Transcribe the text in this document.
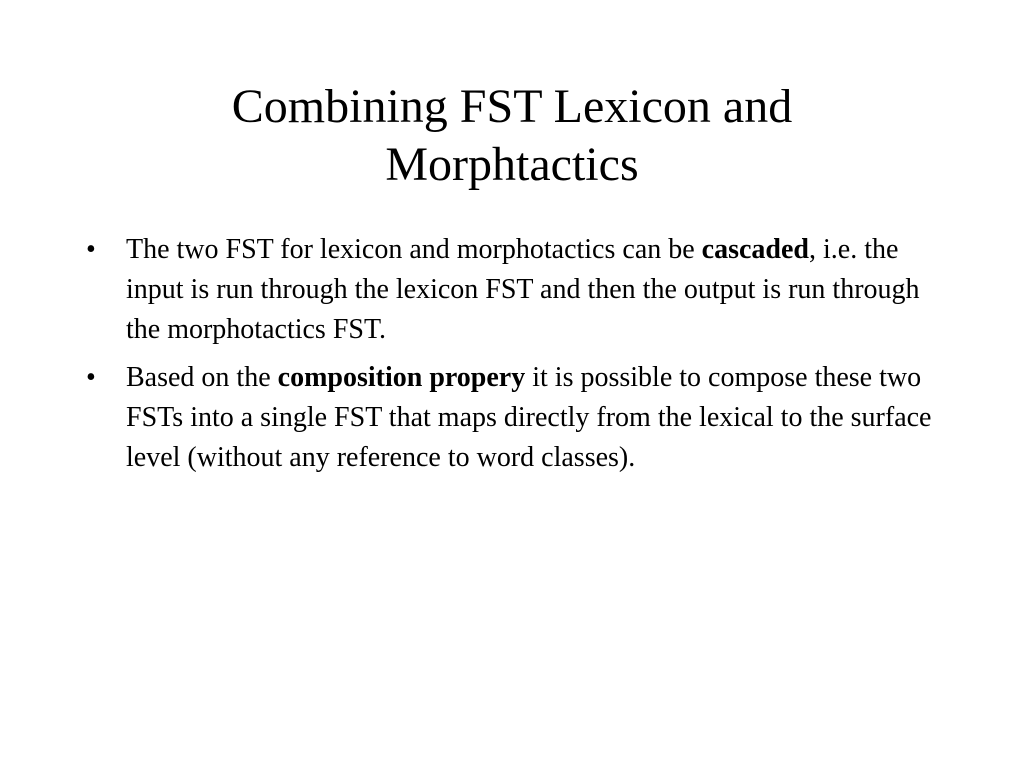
Combining FST Lexicon and
Morphtactics
•	The two FST for lexicon and morphotactics can be cascaded, i.e. the input is run through the lexicon FST and then the output is run through the morphotactics FST.
•	Based on the composition propery it is possible to compose these two FSTs into a single FST that maps directly from the lexical to the surface level (without any reference to word classes).
